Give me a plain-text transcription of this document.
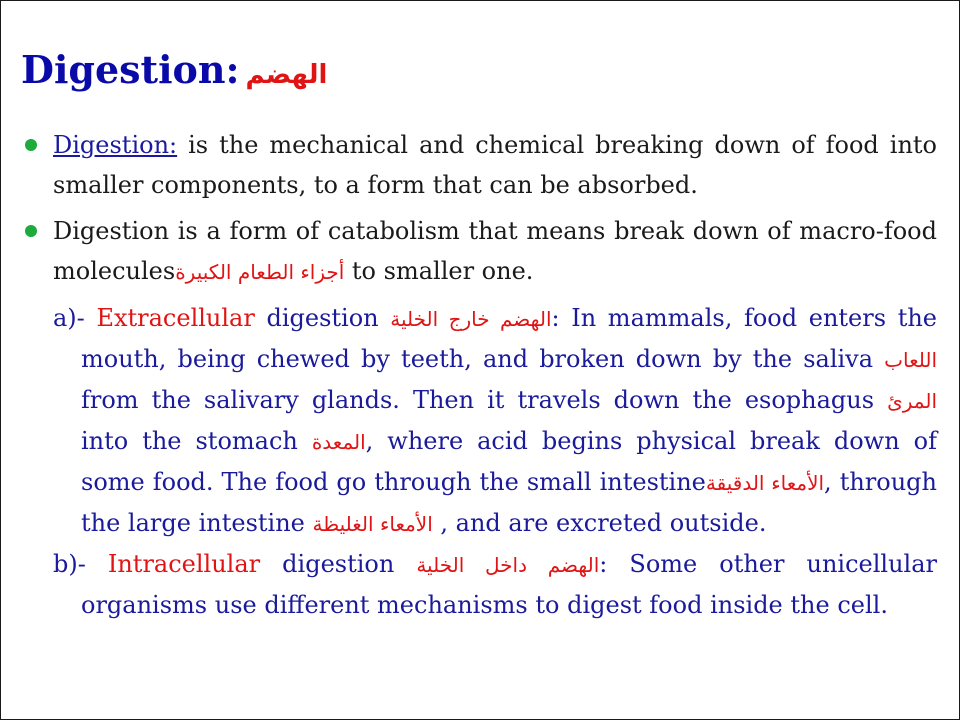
Digestion: الهضم
Digestion: is the mechanical and chemical breaking down of food into smaller components, to a form that can be absorbed.
Digestion is a form of catabolism that means break down of macro-food moleculesأجزاء الطعام الكبيرة to smaller one.
a)- Extracellular digestion الهضم خارج الخلية: In mammals, food enters the mouth, being chewed by teeth, and broken down by the saliva اللعاب from the salivary glands. Then it travels down the esophagus المرئ into the stomach المعدة, where acid begins physical break down of some food. The food go through the small intestineالأمعاء الدقيقة, through the large intestine الأمعاء الغليظة , and are excreted outside.
b)- Intracellular digestion الهضم داخل الخلية: Some other unicellular organisms use different mechanisms to digest food inside the cell.
